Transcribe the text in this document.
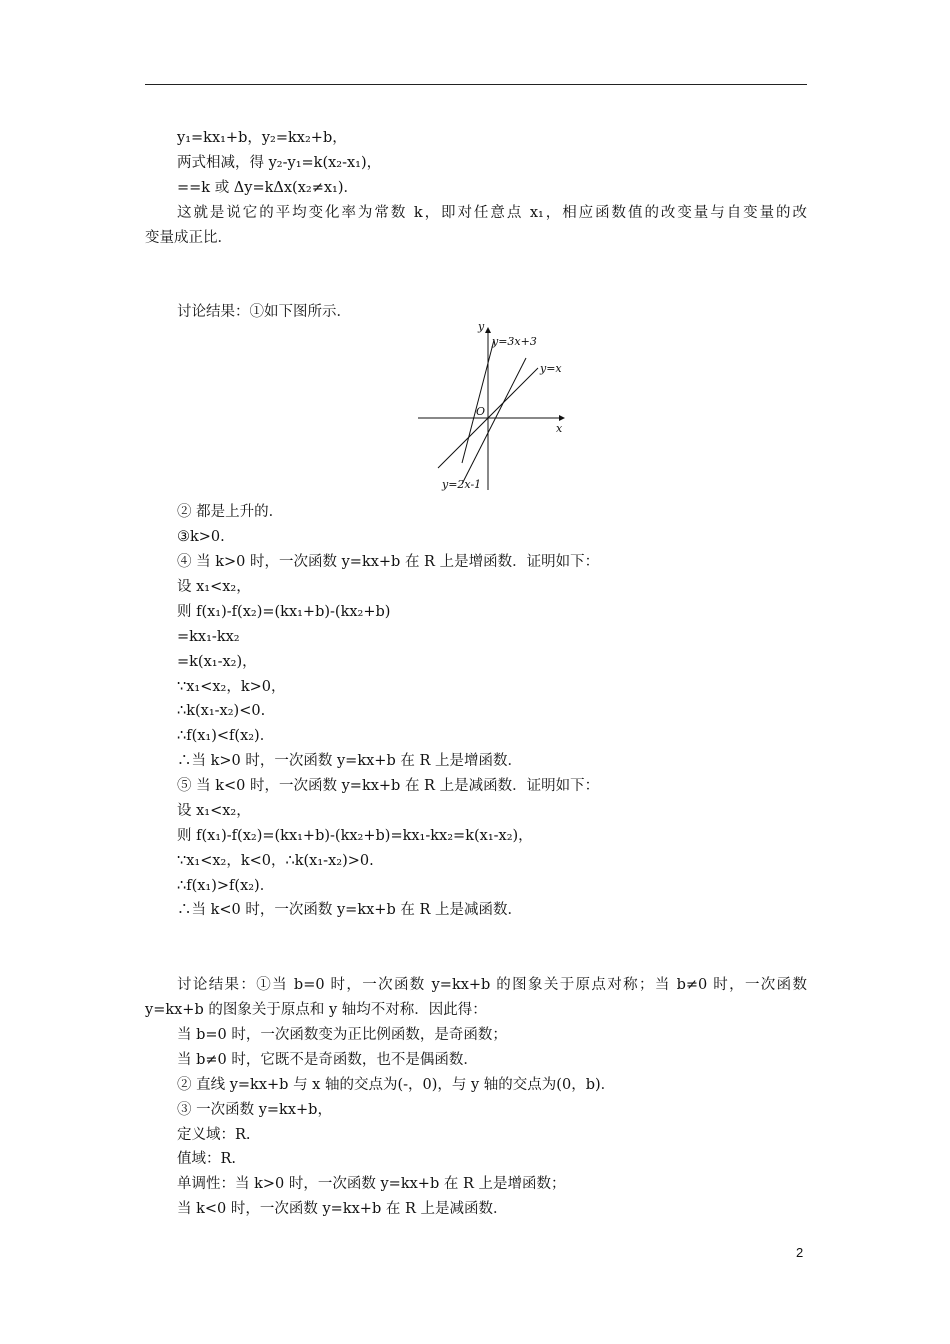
y₁=kx₁+b，y₂=kx₂+b，
两式相减，得 y₂-y₁=k(x₂-x₁)，
==k 或 Δy=kΔx(x₂≠x₁)．
这就是说它的平均变化率为常数 k，即对任意点 x₁，相应函数值的改变量与自变量的改
变量成正比．
讨论结果：①如下图所示．
y
x
O
y=3x+3
y=x
y=2x-1
② 都是上升的．
③k>0.
④ 当 k>0 时，一次函数 y=kx+b 在 R 上是增函数．证明如下：
设 x₁<x₂，
则 f(x₁)-f(x₂)=(kx₁+b)-(kx₂+b)
=kx₁-kx₂
=k(x₁-x₂)，
∵x₁<x₂，k>0，
∴k(x₁-x₂)<0.
∴f(x₁)<f(x₂)．
∴当 k>0 时，一次函数 y=kx+b 在 R 上是增函数．
⑤ 当 k<0 时，一次函数 y=kx+b 在 R 上是减函数．证明如下：
设 x₁<x₂，
则 f(x₁)-f(x₂)=(kx₁+b)-(kx₂+b)=kx₁-kx₂=k(x₁-x₂)，
∵x₁<x₂，k<0，∴k(x₁-x₂)>0.
∴f(x₁)>f(x₂)．
∴当 k<0 时，一次函数 y=kx+b 在 R 上是减函数．
讨论结果：①当 b=0 时，一次函数 y=kx+b 的图象关于原点对称；当 b≠0 时，一次函数
y=kx+b 的图象关于原点和 y 轴均不对称．因此得：
当 b=0 时，一次函数变为正比例函数，是奇函数；
当 b≠0 时，它既不是奇函数，也不是偶函数．
② 直线 y=kx+b 与 x 轴的交点为(-，0)，与 y 轴的交点为(0，b)．
③ 一次函数 y=kx+b，
定义域：R.
值域：R.
单调性：当 k>0 时，一次函数 y=kx+b 在 R 上是增函数；
当 k<0 时，一次函数 y=kx+b 在 R 上是减函数．
2
